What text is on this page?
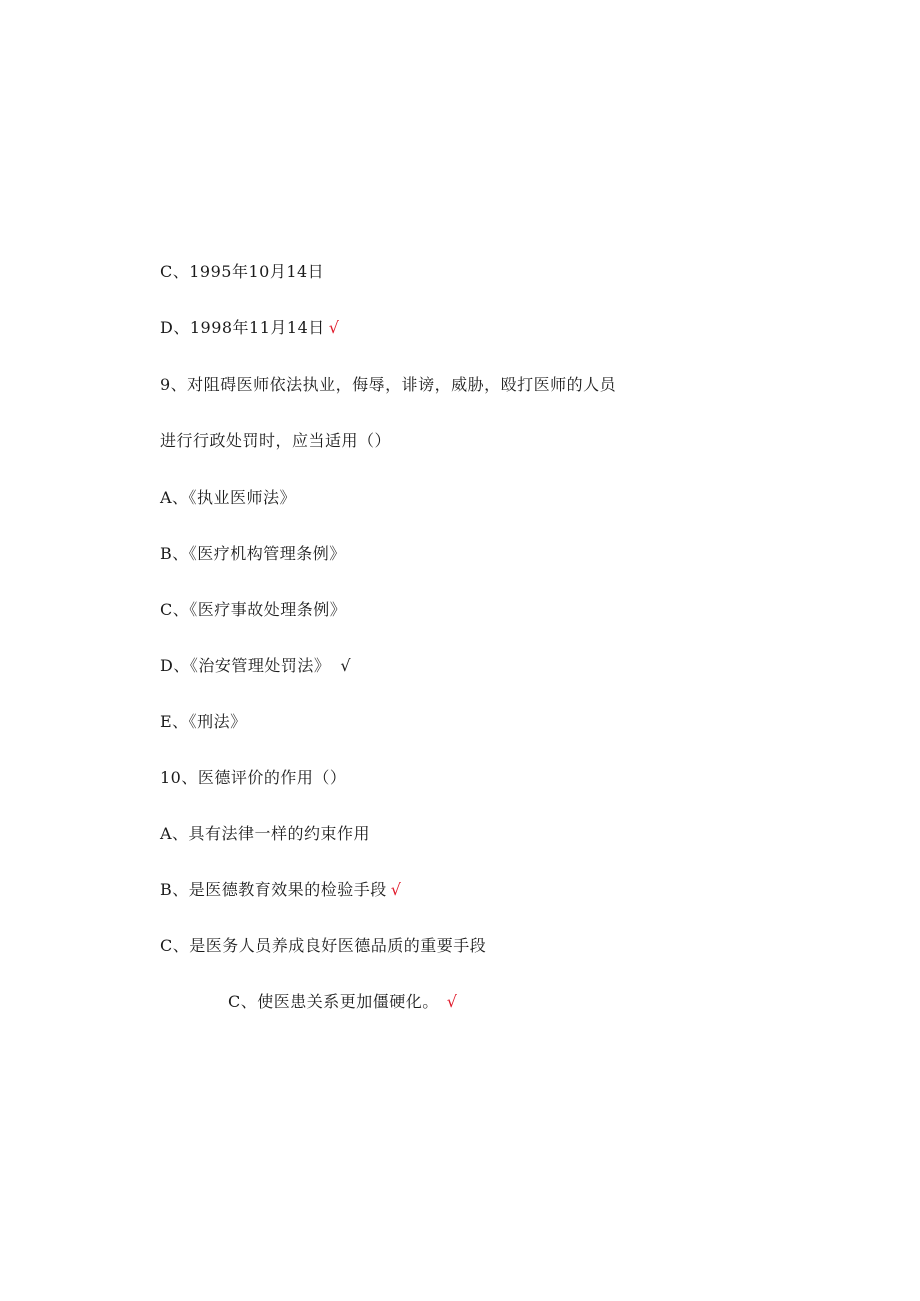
C、1995年10月14日
D、1998年11月14日 √
9、对阻碍医师依法执业，侮辱，诽谤，威胁，殴打医师的人员
进行行政处罚时，应当适用（）
A、《执业医师法》
B、《医疗机构管理条例》
C、《医疗事故处理条例》
D、《治安管理处罚法》 √
E、《刑法》
10、医德评价的作用（）
A、具有法律一样的约束作用
B、是医德教育效果的检验手段 √
C、是医务人员养成良好医德品质的重要手段
C、使医患关系更加僵硬化。 √
